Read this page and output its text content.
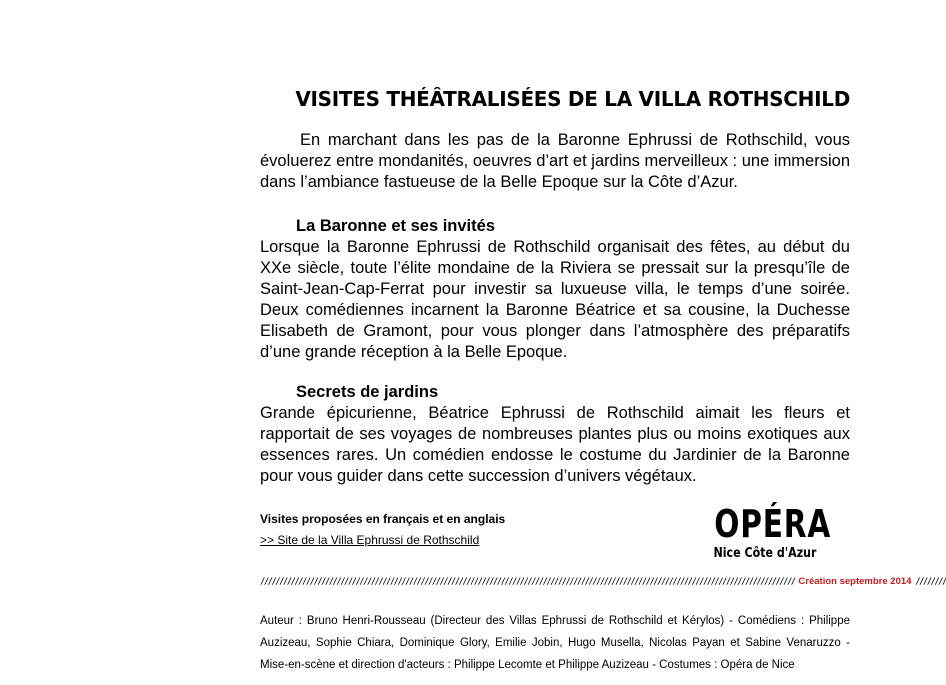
VISITES THÉÂTRALISÉES DE LA VILLA ROTHSCHILD

En marchant dans les pas de la Baronne Ephrussi de Rothschild, vous évoluerez entre mondanités, oeuvres d’art et jardins merveilleux : une immersion dans l’ambiance fastueuse de la Belle Epoque sur la Côte d’Azur.

La Baronne et ses invités

Lorsque la Baronne Ephrussi de Rothschild organisait des fêtes, au début du XXe siècle, toute l’élite mondaine de la Riviera se pressait sur la presqu’île de Saint-Jean-Cap-Ferrat pour investir sa luxueuse villa, le temps d’une soirée. Deux comédiennes incarnent la Baronne Béatrice et sa cousine, la Duchesse Elisabeth de Gramont, pour vous plonger dans l’atmosphère des préparatifs d’une grande réception à la Belle Epoque.

Secrets de jardins

Grande épicurienne, Béatrice Ephrussi de Rothschild aimait les fleurs et rapportait de ses voyages de nombreuses plantes plus ou moins exotiques aux essences rares. Un comédien endosse le costume du Jardinier de la Baronne pour vous guider dans cette succession d’univers végétaux.

Visites proposées en français et en anglais

>> Site de la Villa Ephrussi de Rothschild	OPÉRA
Nice Côte d'Azur
//////////////////////////////////////////////////////////////////////////////////////////////////////////////////////////////////////////// Création septembre 2014 ////////

Auteur : Bruno Henri-Rousseau (Directeur des Villas Ephrussi de Rothschild et Kérylos) - Comédiens : Philippe Auzizeau, Sophie Chiara, Dominique Glory, Emilie Jobin, Hugo Musella, Nicolas Payan et Sabine Venaruzzo - Mise-en-scène et direction d'acteurs : Philippe Lecomte et Philippe Auzizeau - Costumes : Opéra de Nice
